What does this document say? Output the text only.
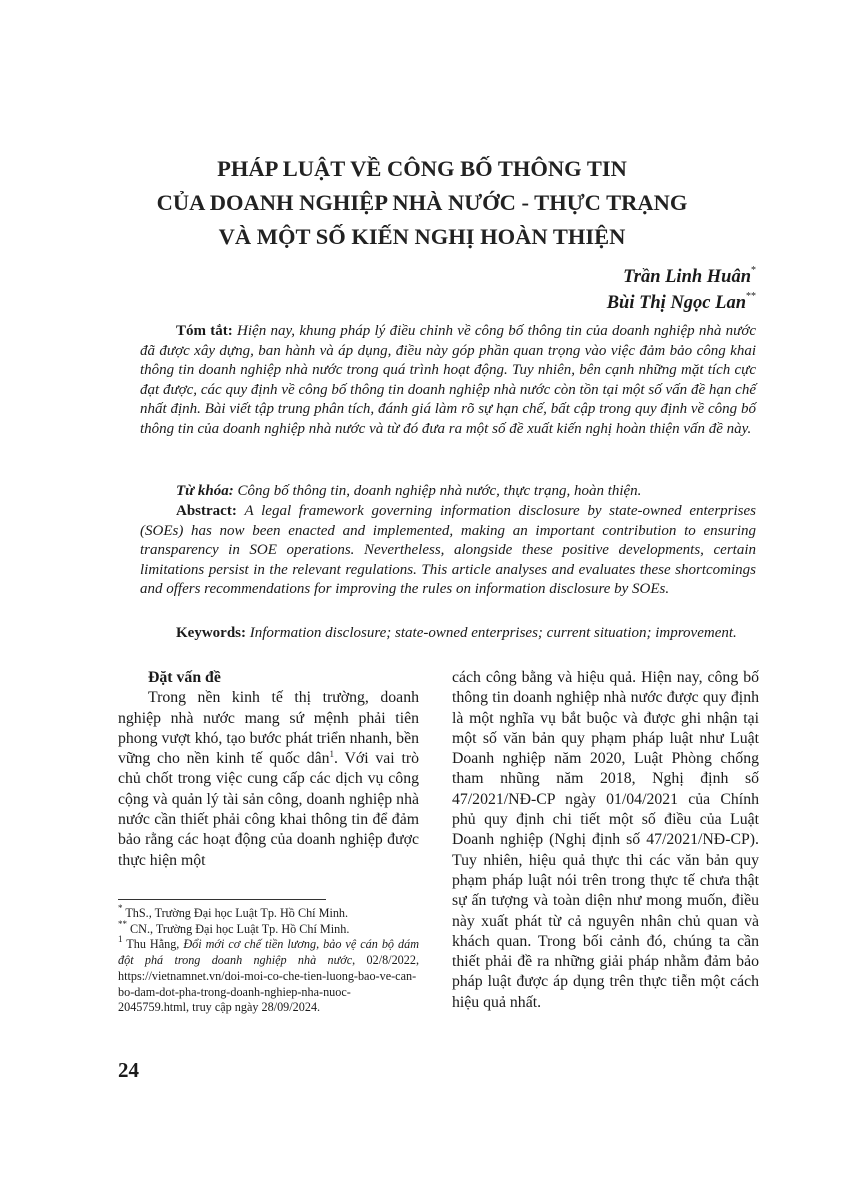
PHÁP LUẬT VỀ CÔNG BỐ THÔNG TIN
CỦA DOANH NGHIỆP NHÀ NƯỚC - THỰC TRẠNG
VÀ MỘT SỐ KIẾN NGHỊ HOÀN THIỆN
Trần Linh Huân*
Bùi Thị Ngọc Lan**
Tóm tắt: Hiện nay, khung pháp lý điều chỉnh về công bố thông tin của doanh nghiệp nhà nước đã được xây dựng, ban hành và áp dụng, điều này góp phần quan trọng vào việc đảm bảo công khai thông tin doanh nghiệp nhà nước trong quá trình hoạt động. Tuy nhiên, bên cạnh những mặt tích cực đạt được, các quy định về công bố thông tin doanh nghiệp nhà nước còn tồn tại một số vấn đề hạn chế nhất định. Bài viết tập trung phân tích, đánh giá làm rõ sự hạn chế, bất cập trong quy định về công bố thông tin của doanh nghiệp nhà nước và từ đó đưa ra một số đề xuất kiến nghị hoàn thiện vấn đề này.
Từ khóa: Công bố thông tin, doanh nghiệp nhà nước, thực trạng, hoàn thiện.
Abstract: A legal framework governing information disclosure by state-owned enterprises (SOEs) has now been enacted and implemented, making an important contribution to ensuring transparency in SOE operations. Nevertheless, alongside these positive developments, certain limitations persist in the relevant regulations. This article analyses and evaluates these shortcomings and offers recommendations for improving the rules on information disclosure by SOEs.
Keywords: Information disclosure; state-owned enterprises; current situation; improvement.

Đặt vấn đề

Trong nền kinh tế thị trường, doanh nghiệp nhà nước mang sứ mệnh phải tiên phong vượt khó, tạo bước phát triển nhanh, bền vững cho nền kinh tế quốc dân$^1$. Với vai trò chủ chốt trong việc cung cấp các dịch vụ công cộng và quản lý tài sản công, doanh nghiệp nhà nước cần thiết phải công khai thông tin để đảm bảo rằng các hoạt động của doanh nghiệp được thực hiện một

cách công bằng và hiệu quả. Hiện nay, công bố thông tin doanh nghiệp nhà nước được quy định là một nghĩa vụ bắt buộc và được ghi nhận tại một số văn bản quy phạm pháp luật như Luật Doanh nghiệp năm 2020, Luật Phòng chống tham nhũng năm 2018, Nghị định số 47/2021/NĐ-CP ngày 01/04/2021 của Chính phủ quy định chi tiết một số điều của Luật Doanh nghiệp (Nghị định số 47/2021/NĐ-CP). Tuy nhiên, hiệu quả thực thi các văn bản quy phạm pháp luật nói trên trong thực tế chưa thật sự ấn tượng và toàn diện như mong muốn, điều này xuất phát từ cả nguyên nhân chủ quan và khách quan. Trong bối cảnh đó, chúng ta cần thiết phải đề ra những giải pháp nhằm đảm bảo pháp luật được áp dụng trên thực tiễn một cách hiệu quả nhất.

* ThS., Trường Đại học Luật Tp. Hồ Chí Minh.

** CN., Trường Đại học Luật Tp. Hồ Chí Minh.

$^1$ Thu Hằng, Đổi mới cơ chế tiền lương, bảo vệ cán bộ dám đột phá trong doanh nghiệp nhà nước, 02/8/2022, https://vietnamnet.vn/doi-moi-co-che-tien-luong-bao-ve-can-bo-dam-dot-pha-trong-doanh-nghiep-nha-nuoc-2045759.html, truy cập ngày 28/09/2024.

24
